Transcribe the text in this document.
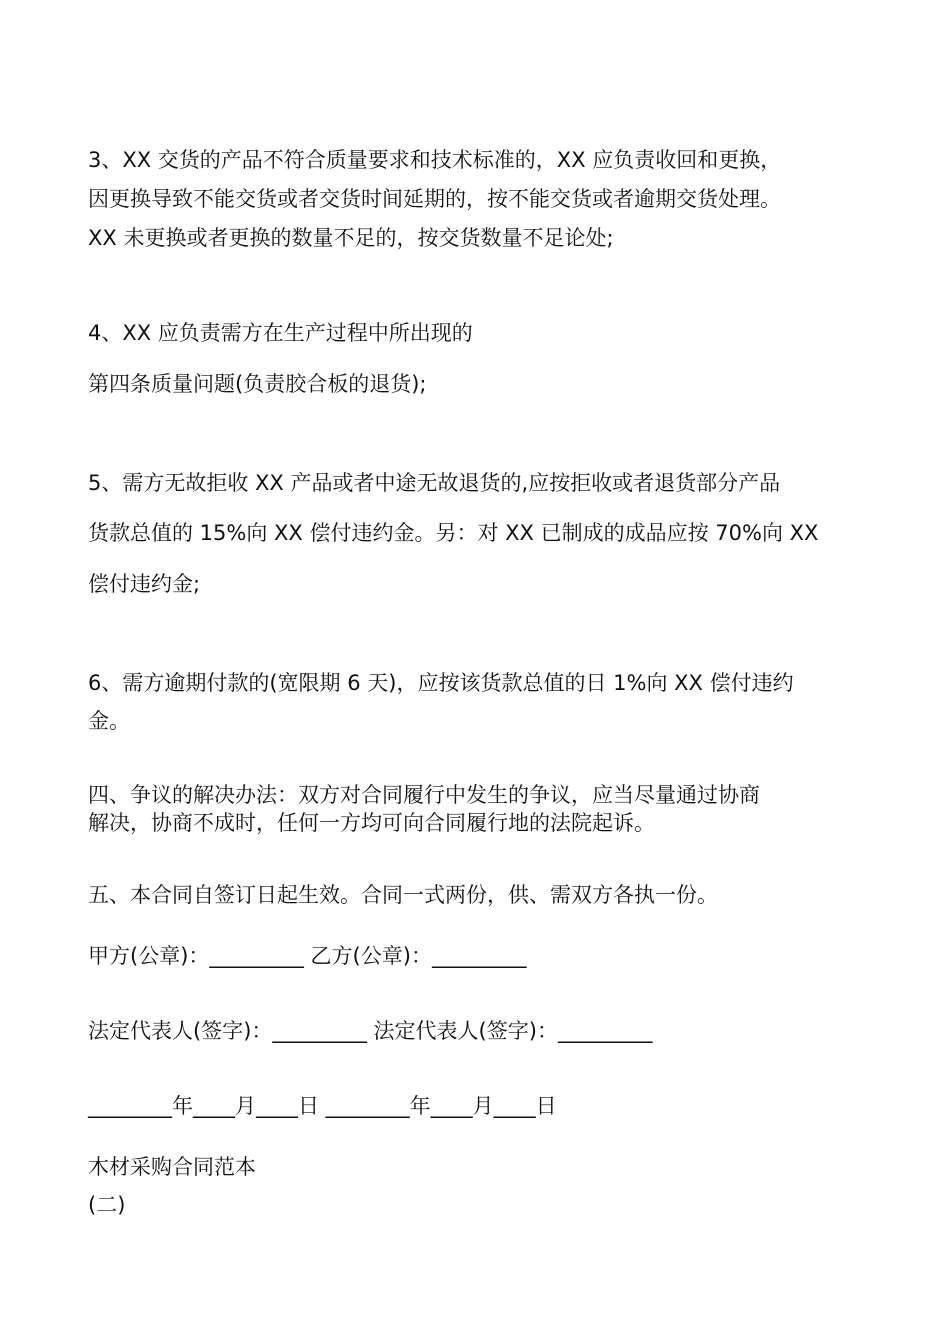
3、XX 交货的产品不符合质量要求和技术标准的，XX 应负责收回和更换，
因更换导致不能交货或者交货时间延期的，按不能交货或者逾期交货处理。
XX 未更换或者更换的数量不足的，按交货数量不足论处;
4、XX 应负责需方在生产过程中所出现的
第四条质量问题(负责胶合板的退货);
5、需方无故拒收 XX 产品或者中途无故退货的,应按拒收或者退货部分产品
货款总值的 15%向 XX 偿付违约金。另：对 XX 已制成的成品应按 70%向 XX
偿付违约金;
6、需方逾期付款的(宽限期 6 天)，应按该货款总值的日 1%向 XX 偿付违约
金。
四、争议的解决办法：双方对合同履行中发生的争议，应当尽量通过协商
解决，协商不成时，任何一方均可向合同履行地的法院起诉。
五、本合同自签订日起生效。合同一式两份，供、需双方各执一份。
甲方(公章)：_________ 乙方(公章)：_________
法定代表人(签字)：_________ 法定代表人(签字)：_________
________年____月____日 ________年____月____日
木材采购合同范本
(二)
